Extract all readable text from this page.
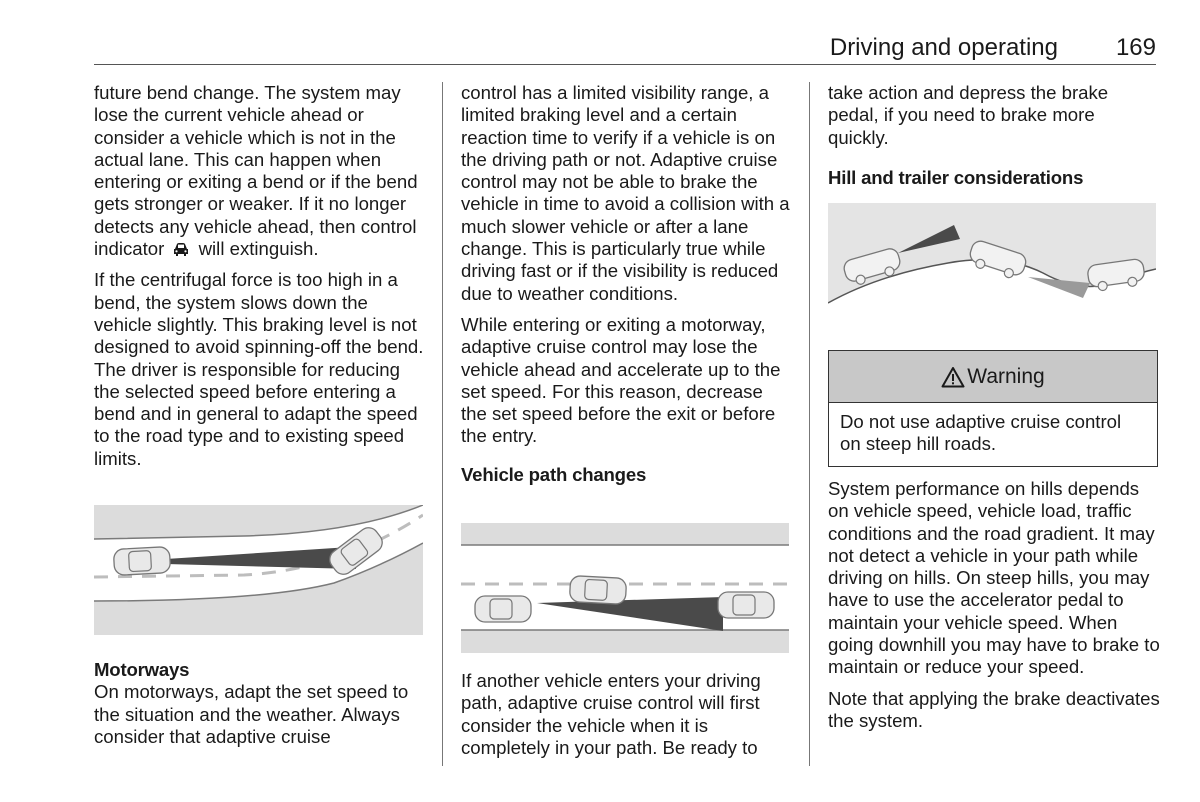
Driving and operating 169

future bend change. The system may lose the current vehicle ahead or consider a vehicle which is not in the actual lane. This can happen when entering or exiting a bend or if the bend gets stronger or weaker. If it no longer detects any vehicle ahead, then control indicator will extinguish.

If the centrifugal force is too high in a bend, the system slows down the vehicle slightly. This braking level is not designed to avoid spinning-off the bend. The driver is responsible for reducing the selected speed before entering a bend and in general to adapt the speed to the road type and to existing speed limits.

Motorways

On motorways, adapt the set speed to the situation and the weather. Always consider that adaptive cruise

control has a limited visibility range, a limited braking level and a certain reaction time to verify if a vehicle is on the driving path or not. Adaptive cruise control may not be able to brake the vehicle in time to avoid a collision with a much slower vehicle or after a lane change. This is particularly true while driving fast or if the visibility is reduced due to weather conditions.

While entering or exiting a motorway, adaptive cruise control may lose the vehicle ahead and accelerate up to the set speed. For this reason, decrease the set speed before the exit or before the entry.

Vehicle path changes

If another vehicle enters your driving path, adaptive cruise control will first consider the vehicle when it is completely in your path. Be ready to

take action and depress the brake pedal, if you need to brake more quickly.

Hill and trailer considerations
Warning
Do not use adaptive cruise control on steep hill roads.

System performance on hills depends on vehicle speed, vehicle load, traffic conditions and the road gradient. It may not detect a vehicle in your path while driving on hills. On steep hills, you may have to use the accelerator pedal to maintain your vehicle speed. When going downhill you may have to brake to maintain or reduce your speed.

Note that applying the brake deactivates the system.
